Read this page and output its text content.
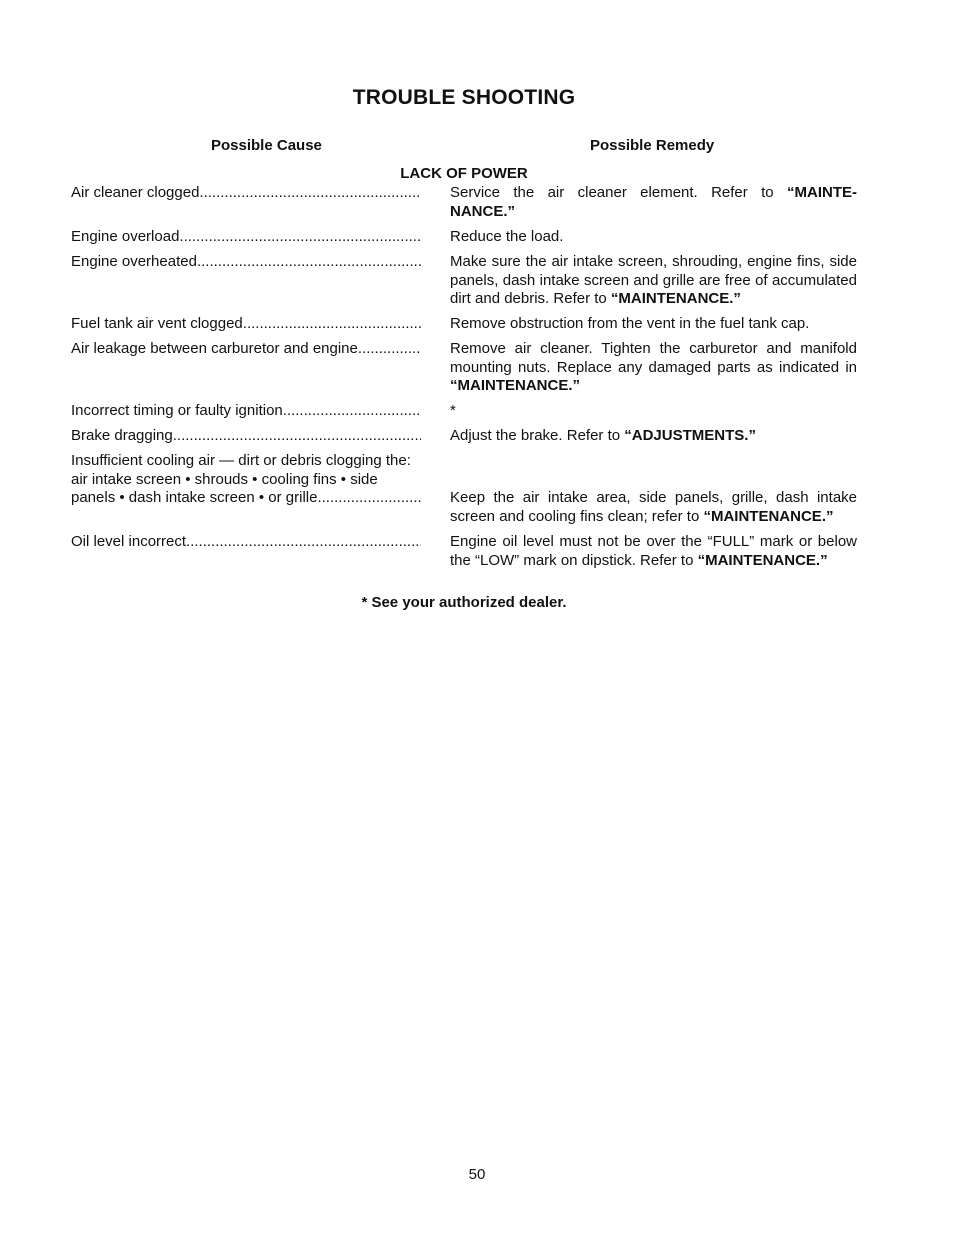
TROUBLE SHOOTING
Possible Cause	Possible Remedy
LACK OF POWER
Air cleaner clogged .....	Service the air cleaner element. Refer to “MAINTE-NANCE.”
Engine overload .....	Reduce the load.
Engine overheated .....	Make sure the air intake screen, shrouding, engine fins, side panels, dash intake screen and grille are free of accumulated dirt and debris. Refer to “MAINTENANCE.”
Fuel tank air vent clogged .....	Remove obstruction from the vent in the fuel tank cap.
Air leakage between carburetor and engine .....	Remove air cleaner. Tighten the carburetor and manifold mounting nuts. Replace any damaged parts as indicated in “MAINTENANCE.”
Incorrect timing or faulty ignition .....	*
Brake dragging .....	Adjust the brake. Refer to “ADJUSTMENTS.”
Insufficient cooling air — dirt or debris clogging the:
air intake screen • shrouds • cooling fins • side
panels • dash intake screen • or grille .....	Keep the air intake area, side panels, grille, dash intake screen and cooling fins clean; refer to “MAINTENANCE.”
Oil level incorrect .....	Engine oil level must not be over the “FULL” mark or below the “LOW” mark on dipstick. Refer to “MAINTENANCE.”
* See your authorized dealer.
50
